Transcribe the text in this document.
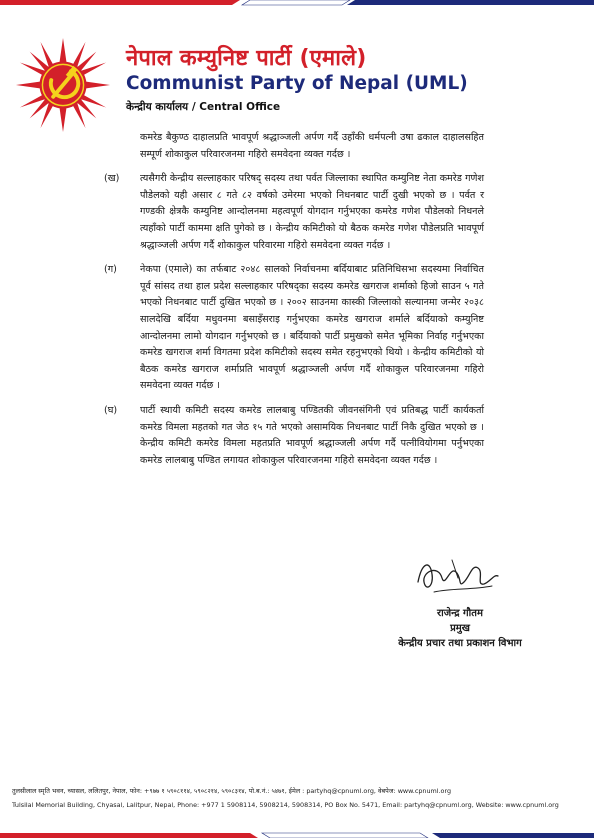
नेपाल कम्युनिष्ट पार्टी (एमाले)
Communist Party of Nepal (UML)
केन्द्रीय कार्यालय / Central Office

कमरेड बैकुण्ठ दाहालप्रति भावपूर्ण श्रद्धाञ्जली अर्पण गर्दै उहाँकी धर्मपत्नी उषा ढकाल दाहालसहित सम्पूर्ण शोकाकुल परिवारजनमा गहिरो समवेदना व्यक्त गर्दछ ।

(ख) त्यसैगरी केन्द्रीय सल्लाहकार परिषद् सदस्य तथा पर्वत जिल्लाका स्थापित कम्युनिष्ट नेता कमरेड गणेश पौडेलको यही असार ८ गते ८२ वर्षको उमेरमा भएको निधनबाट पार्टी दुखी भएको छ । पर्वत र गण्डकी क्षेत्रकै कम्युनिष्ट आन्दोलनमा महत्वपूर्ण योगदान गर्नुभएका कमरेड गणेश पौडेलको निधनले त्यहाँको पार्टी काममा क्षति पुगेको छ । केन्द्रीय कमिटीको यो बैठक कमरेड गणेश पौडेलप्रति भावपूर्ण श्रद्धाञ्जली अर्पण गर्दै शोकाकुल परिवारमा गहिरो समवेदना व्यक्त गर्दछ ।
(ग) नेकपा (एमाले) का तर्फबाट २०४८ सालको निर्वाचनमा बर्दियाबाट प्रतिनिधिसभा सदस्यमा निर्वाचित पूर्व सांसद तथा हाल प्रदेश सल्लाहकार परिषद्का सदस्य कमरेड खगराज शर्माको हिजो साउन ५ गते भएको निधनबाट पार्टी दुखित भएको छ । २००२ साउनमा कास्की जिल्लाको सल्यानमा जन्मेर २०३८ सालदेखि बर्दिया मधुवनमा बसाइँसराइ गर्नुभएका कमरेड खगराज शर्माले बर्दियाको कम्युनिष्ट आन्दोलनमा लामो योगदान गर्नुभएको छ । बर्दियाको पार्टी प्रमुखको समेत भूमिका निर्वाह गर्नुभएका कमरेड खगराज शर्मा विगतमा प्रदेश कमिटीको सदस्य समेत रहनुभएको थियो । केन्द्रीय कमिटीको यो बैठक कमरेड खगराज शर्माप्रति भावपूर्ण श्रद्धाञ्जली अर्पण गर्दै शोकाकुल परिवारजनमा गहिरो समवेदना व्यक्त गर्दछ ।
(घ) पार्टी स्थायी कमिटी सदस्य कमरेड लालबाबु पण्डितकी जीवनसंगिनी एवं प्रतिबद्ध पार्टी कार्यकर्ता कमरेड विमला महतको गत जेठ १५ गते भएको असामयिक निधनबाट पार्टी निकै दुखित भएको छ । केन्द्रीय कमिटी कमरेड विमला महतप्रति भावपूर्ण श्रद्धाञ्जली अर्पण गर्दै पत्नीवियोगमा पर्नुभएका कमरेड लालबाबु पण्डित लगायत शोकाकुल परिवारजनमा गहिरो समवेदना व्यक्त गर्दछ ।
राजेन्द्र गौतम
प्रमुख
केन्द्रीय प्रचार तथा प्रकाशन विभाग
तुलसीलाल स्मृति भवन, च्यासल, ललितपुर, नेपाल, फोन: +९७७ १ ५९०८११४, ५९०८२१४, ५९०८३१४, पो.ब.नं.: ५४७१, ईमेल : partyhq@cpnuml.org, वेबपेज: www.cpnuml.org
Tulsilal Memorial Building, Chyasal, Lalitpur, Nepal, Phone: +977 1 5908114, 5908214, 5908314, PO Box No. 5471, Email: partyhq@cpnuml.org, Website: www.cpnuml.org
